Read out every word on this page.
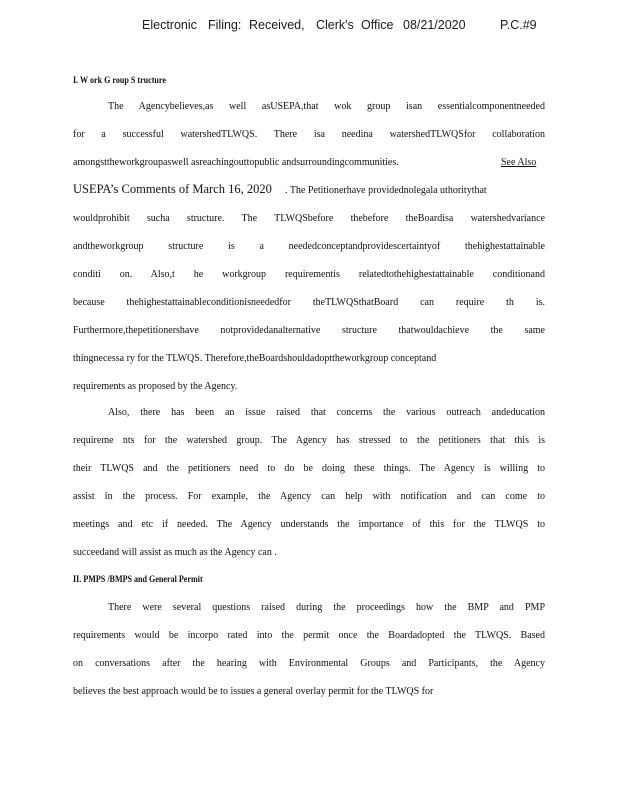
Electronic Filing: Received, Clerk's Office 08/21/2020	P.C.#9
I. W ork G roup S tructure
The Agencybelieves,as well asUSEPA,that wok group isan essentialcomponentneeded
for a successful watershedTLWQS. There isa needina watershedTLWQSfor collaboration
amongsttheworkgroupaswell asreachingouttopublic andsurroundingcommunities.	See Also
USEPA’s Comments of March 16, 2020 . The Petitionerhave providednolegala uthoritythat
wouldprohibit sucha structure. The TLWQSbefore thebefore theBoardisa watershedvariance
andtheworkgroup structure is a neededconceptandprovidescertaintyof thehighestattainable
conditi on. Also,t he workgroup requirementis relatedtothehighestattainable conditionand
because thehighestattainableconditionisneededfor theTLWQSthatBoard can require th is.
Furthermore,thepetitionershave notprovidedanalternative structure thatwouldachieve the same
thingnecessa ry for the TLWQS. Therefore,theBoardshouldadopttheworkgroup conceptand
requirements as proposed by the Agency.
Also, there has been an issue raised that concerns the various outreach andeducation
requireme nts for the watershed group. The Agency has stressed to the petitioners that this is
their TLWQS and the petitioners need to do be doing these things. The Agency is willing to
assist in the process. For example, the Agency can help with notification and can come to
meetings and etc if needed. The Agency understands the importance of this for the TLWQS to
succeedand will assist as much as the Agency can .
II. PMPS /BMPS and General Permit
There were several questions raised during the proceedings how the BMP and PMP
requirements would be incorpo rated into the permit once the Boardadopted the TLWQS. Based
on conversations after the hearing with Environmental Groups and Participants, the Agency
believes the best approach would be to issues a general overlay permit for the TLWQS for
